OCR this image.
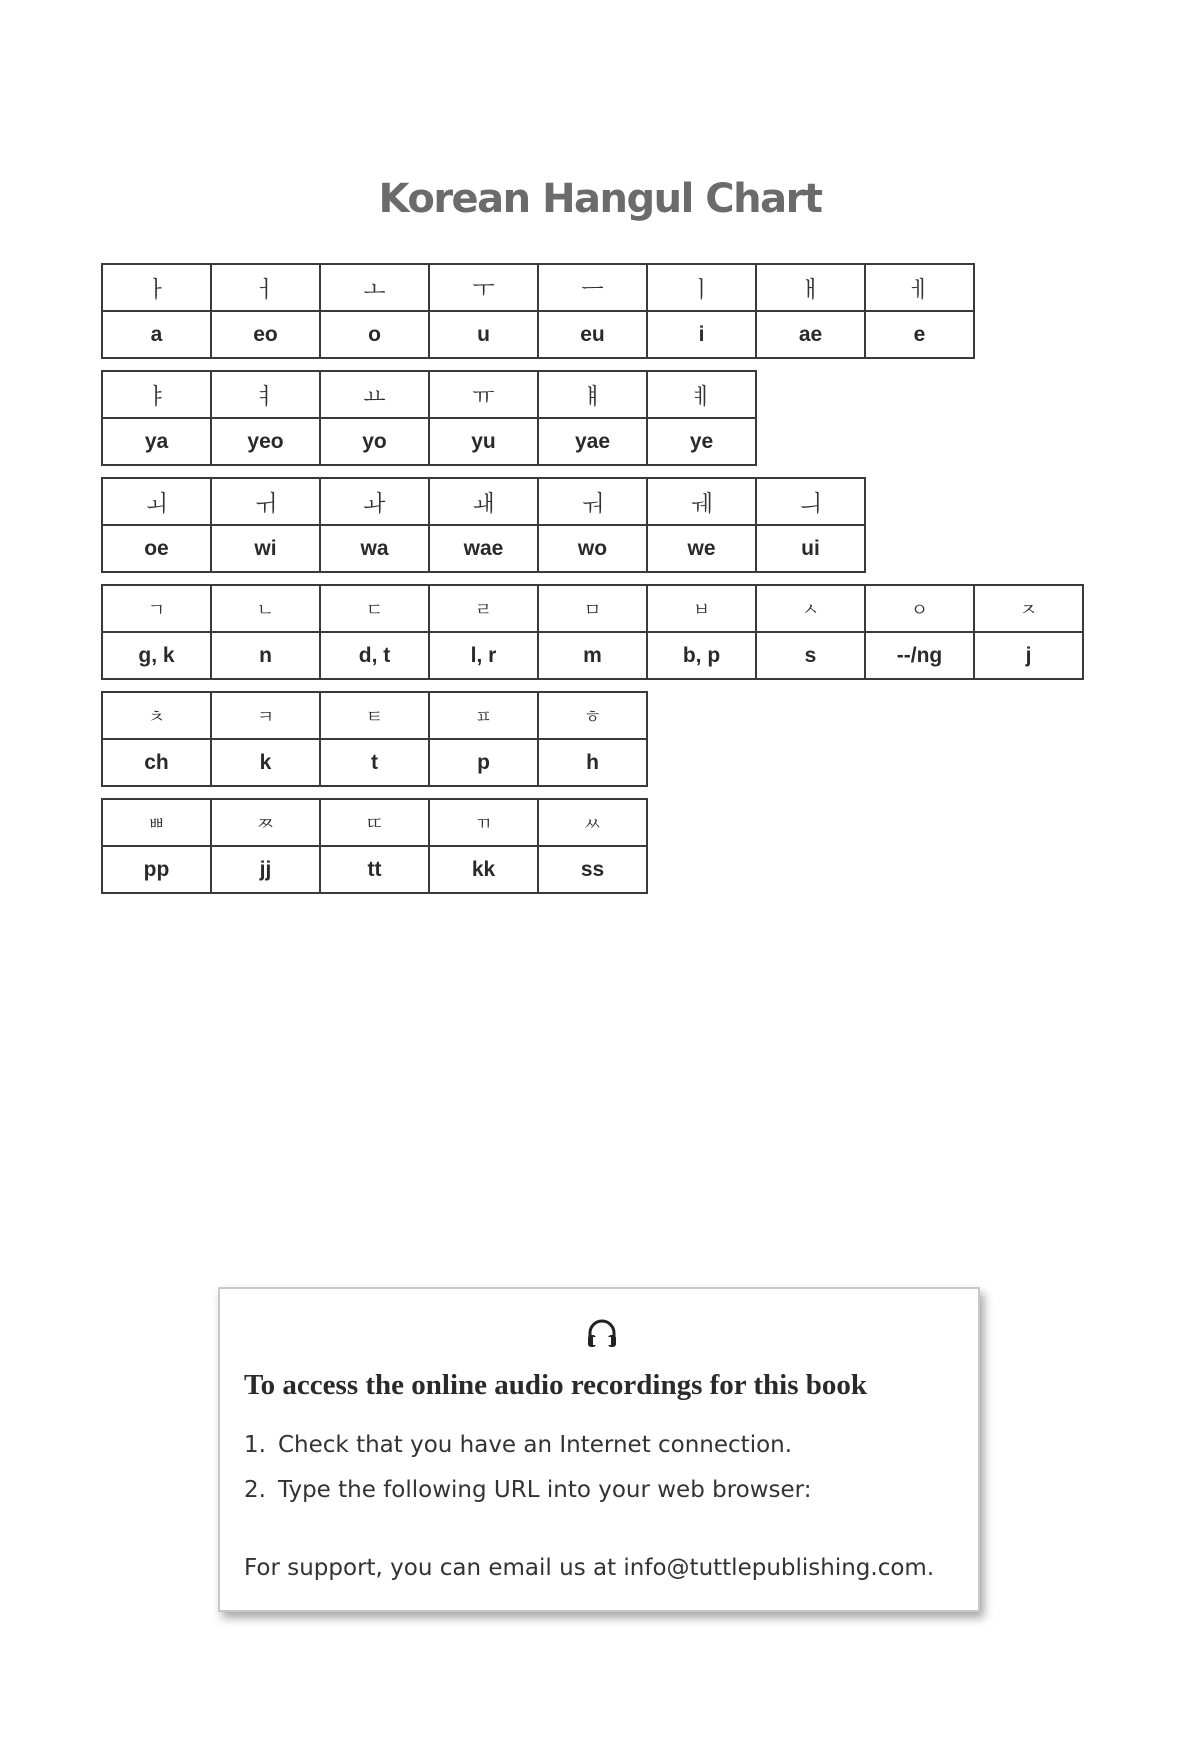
Korean Hangul Chart
ㅏ	ㅓ	ㅗ	ㅜ	ㅡ	ㅣ	ㅐ	ㅔ
a	eo	o	u	eu	i	ae	e
ㅑ	ㅕ	ㅛ	ㅠ	ㅒ	ㅖ
ya	yeo	yo	yu	yae	ye
ㅚ	ㅟ	ㅘ	ㅙ	ㅝ	ㅞ	ㅢ
oe	wi	wa	wae	wo	we	ui
ㄱ	ㄴ	ㄷ	ㄹ	ㅁ	ㅂ	ㅅ	ㅇ	ㅈ
g, k	n	d, t	l, r	m	b, p	s	--/ng	j
ㅊ	ㅋ	ㅌ	ㅍ	ㅎ
ch	k	t	p	h
ㅃ	ㅉ	ㄸ	ㄲ	ㅆ
pp	jj	tt	kk	ss
To access the online audio recordings for this book
1. Check that you have an Internet connection.
2. Type the following URL into your web browser:

For support, you can email us at info@tuttlepublishing.com.
